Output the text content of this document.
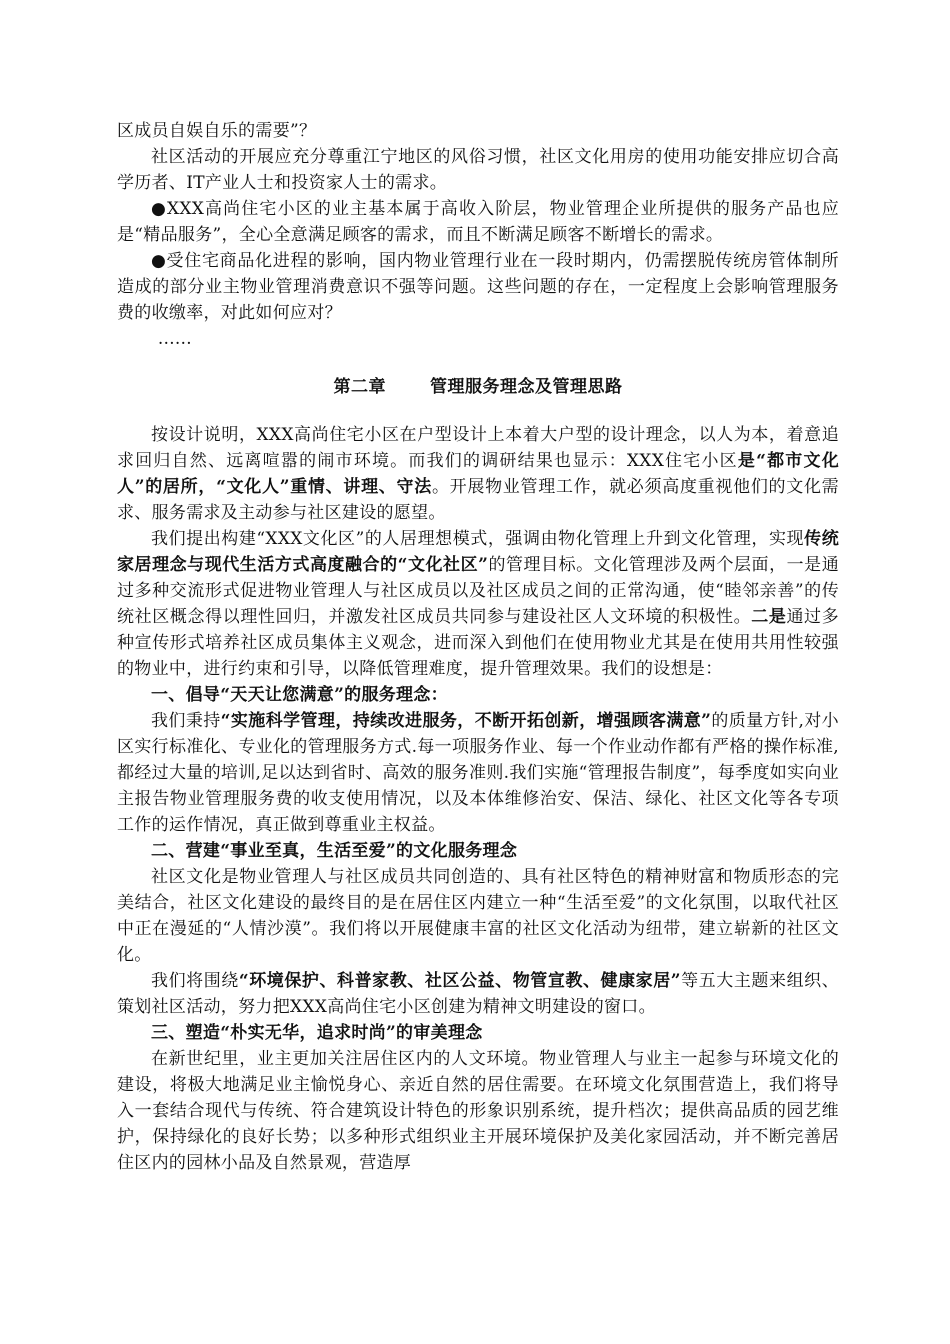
区成员自娱自乐的需要”？

社区活动的开展应充分尊重江宁地区的风俗习惯，社区文化用房的使用功能安排应切合高学历者、IT产业人士和投资家人士的需求。

●XXX高尚住宅小区的业主基本属于高收入阶层，物业管理企业所提供的服务产品也应是“精品服务”，全心全意满足顾客的需求，而且不断满足顾客不断增长的需求。

●受住宅商品化进程的影响，国内物业管理行业在一段时期内，仍需摆脱传统房管体制所造成的部分业主物业管理消费意识不强等问题。这些问题的存在，一定程度上会影响管理服务费的收缴率，对此如何应对？

……

第二章	管理服务理念及管理思路

按设计说明，XXX高尚住宅小区在户型设计上本着大户型的设计理念，以人为本，着意追求回归自然、远离喧嚣的闹市环境。而我们的调研结果也显示：XXX住宅小区是“都市文化人”的居所，“文化人”重情、讲理、守法。开展物业管理工作，就必须高度重视他们的文化需求、服务需求及主动参与社区建设的愿望。

我们提出构建“XXX文化区”的人居理想模式，强调由物化管理上升到文化管理，实现传统家居理念与现代生活方式高度融合的“文化社区”的管理目标。文化管理涉及两个层面，一是通过多种交流形式促进物业管理人与社区成员以及社区成员之间的正常沟通，使“睦邻亲善”的传统社区概念得以理性回归，并激发社区成员共同参与建设社区人文环境的积极性。二是通过多种宣传形式培养社区成员集体主义观念，进而深入到他们在使用物业尤其是在使用共用性较强的物业中，进行约束和引导，以降低管理难度，提升管理效果。我们的设想是：

一、倡导“天天让您满意”的服务理念：

我们秉持“实施科学管理，持续改进服务，不断开拓创新，增强顾客满意”的质量方针,对小区实行标准化、专业化的管理服务方式.每一项服务作业、每一个作业动作都有严格的操作标准,都经过大量的培训,足以达到省时、高效的服务准则.我们实施“管理报告制度”，每季度如实向业主报告物业管理服务费的收支使用情况，以及本体维修治安、保洁、绿化、社区文化等各专项工作的运作情况，真正做到尊重业主权益。

二、营建“事业至真，生活至爱”的文化服务理念

社区文化是物业管理人与社区成员共同创造的、具有社区特色的精神财富和物质形态的完美结合，社区文化建设的最终目的是在居住区内建立一种“生活至爱”的文化氛围，以取代社区中正在漫延的“人情沙漠”。我们将以开展健康丰富的社区文化活动为纽带，建立崭新的社区文化。

我们将围绕“环境保护、科普家教、社区公益、物管宣教、健康家居”等五大主题来组织、策划社区活动，努力把XXX高尚住宅小区创建为精神文明建设的窗口。

三、塑造“朴实无华，追求时尚”的审美理念

在新世纪里，业主更加关注居住区内的人文环境。物业管理人与业主一起参与环境文化的建设，将极大地满足业主愉悦身心、亲近自然的居住需要。在环境文化氛围营造上，我们将导入一套结合现代与传统、符合建筑设计特色的形象识别系统，提升档次；提供高品质的园艺维护，保持绿化的良好长势；以多种形式组织业主开展环境保护及美化家园活动，并不断完善居住区内的园林小品及自然景观，营造厚
